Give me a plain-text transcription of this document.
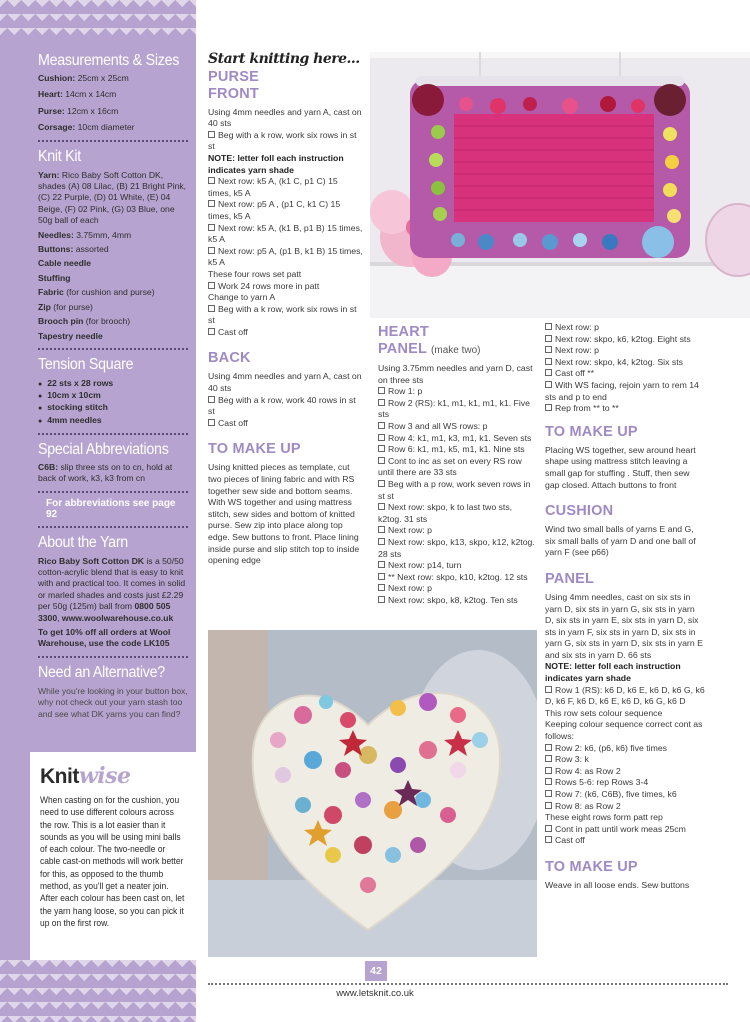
Measurements & Sizes
Cushion: 25cm x 25cm
Heart: 14cm x 14cm
Purse: 12cm x 16cm
Corsage: 10cm diameter
Knit Kit
Yarn: Rico Baby Soft Cotton DK, shades (A) 08 Lilac, (B) 21 Bright Pink, (C) 22 Purple, (D) 01 White, (E) 04 Beige, (F) 02 Pink, (G) 03 Blue, one 50g ball of each
Needles: 3.75mm, 4mm
Buttons: assorted
Cable needle
Stuffing
Fabric (for cushion and purse)
Zip (for purse)
Brooch pin (for brooch)
Tapestry needle
Tension Square
● 22 sts x 28 rows
● 10cm x 10cm
● stocking stitch
● 4mm needles
Special Abbreviations
C6B: slip three sts on to cn, hold at back of work, k3, k3 from cn
For abbreviations see page 92
About the Yarn
Rico Baby Soft Cotton DK is a 50/50 cotton-acrylic blend that is easy to knit with and practical too. It comes in solid or marled shades and costs just £2.29 per 50g (125m) ball from 0800 505 3300, www.woolwarehouse.co.uk
To get 10% off all orders at Wool Warehouse, use the code LK105
Need an Alternative?
While you're looking in your button box, why not check out your yarn stash too and see what DK yarns you can find?
Knitwise
When casting on for the cushion, you need to use different colours across the row. This is a lot easier than it sounds as you will be using mini balls of each colour. The two-needle or cable cast-on methods will work better for this, as opposed to the thumb method, as you'll get a neater join. After each colour has been cast on, let the yarn hang loose, so you can pick it up on the first row.
Start knitting here...
PURSE FRONT

Using 4mm needles and yarn A, cast on 40 sts

Beg with a k row, work six rows in st st

NOTE: letter foll each instruction indicates yarn shade

Next row: k5 A, (k1 C, p1 C) 15 times, k5 A

Next row: p5 A , (p1 C, k1 C) 15 times, k5 A

Next row: k5 A, (k1 B, p1 B) 15 times, k5 A

Next row: p5 A, (p1 B, k1 B) 15 times, k5 A

These four rows set patt

Work 24 rows more in patt

Change to yarn A

Beg with a k row, work six rows in st st

Cast off

BACK

Using 4mm needles and yarn A, cast on 40 sts

Beg with a k row, work 40 rows in st st

Cast off

TO MAKE UP

Using knitted pieces as template, cut two pieces of lining fabric and with RS together sew side and bottom seams. With WS together and using mattress stitch, sew sides and bottom of knitted purse. Sew zip into place along top edge. Sew buttons to front. Place lining inside purse and slip stitch top to inside opening edge

HEART
PANEL (make two)

Using 3.75mm needles and yarn D, cast on three sts

Row 1: p

Row 2 (RS): k1, m1, k1, m1, k1. Five sts

Row 3 and all WS rows: p

Row 4: k1, m1, k3, m1, k1. Seven sts

Row 6: k1, m1, k5, m1, k1. Nine sts

Cont to inc as set on every RS row until there are 33 sts

Beg with a p row, work seven rows in st st

Next row: skpo, k to last two sts, k2tog. 31 sts

Next row: p

Next row: skpo, k13, skpo, k12, k2tog. 28 sts

Next row: p14, turn

** Next row: skpo, k10, k2tog. 12 sts

Next row: p

Next row: skpo, k8, k2tog. Ten sts

Next row: p

Next row: skpo, k6, k2tog. Eight sts

Next row: p

Next row: skpo, k4, k2tog. Six sts

Cast off **

With WS facing, rejoin yarn to rem 14 sts and p to end

Rep from ** to **

TO MAKE UP

Placing WS together, sew around heart shape using mattress stitch leaving a small gap for stuffing . Stuff, then sew gap closed. Attach buttons to front

CUSHION

Wind two small balls of yarns E and G, six small balls of yarn D and one ball of yarn F (see p66)

PANEL

Using 4mm needles, cast on six sts in yarn D, six sts in yarn G, six sts in yarn D, six sts in yarn E, six sts in yarn D, six sts in yarn F, six sts in yarn D, six sts in yarn G, six sts in yarn D, six sts in yarn E and six sts in yarn D. 66 sts

NOTE: letter foll each instruction indicates yarn shade

Row 1 (RS): k6 D, k6 E, k6 D, k6 G, k6 D, k6 F, k6 D, k6 E, k6 D, k6 G, k6 D

This row sets colour sequence

Keeping colour sequence correct cont as follows:

Row 2: k6, (p6, k6) five times

Row 3: k

Row 4: as Row 2

Rows 5-6: rep Rows 3-4

Row 7: (k6, C6B), five times, k6

Row 8: as Row 2

These eight rows form patt rep

Cont in patt until work meas 25cm

Cast off

TO MAKE UP

Weave in all loose ends. Sew buttons

42
www.letsknit.co.uk
